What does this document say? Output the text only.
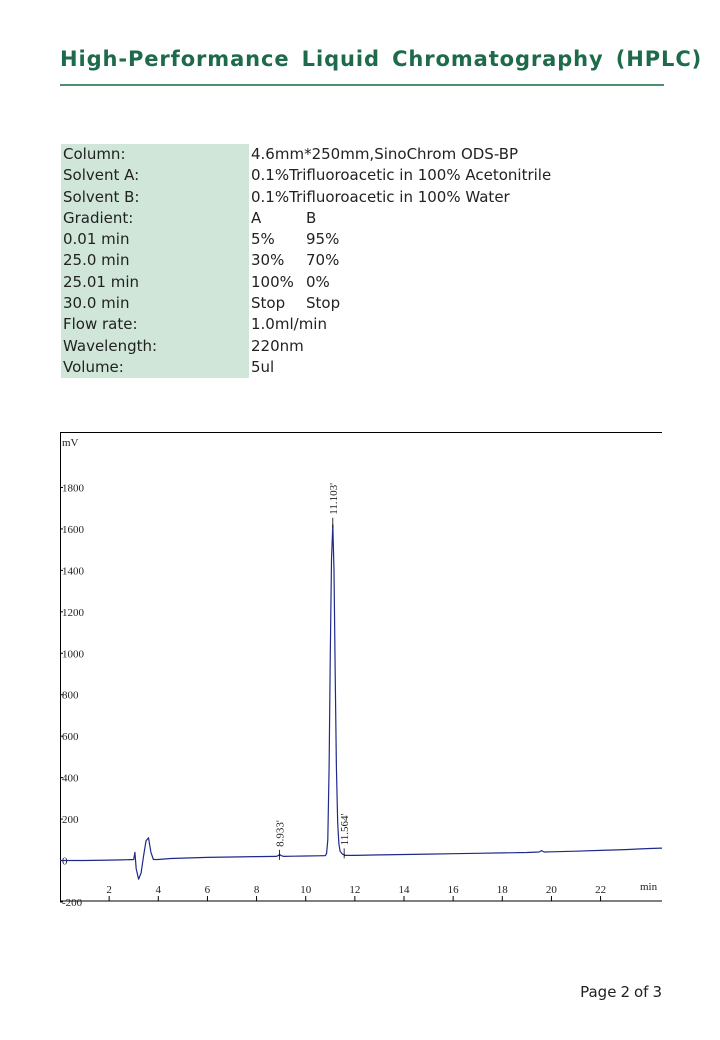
High-Performance Liquid Chromatography (HPLC)
Column:	4.6mm*250mm,SinoChrom ODS-BP	
Solvent A:	0.1%Trifluoroacetic in 100% Acetonitrile	
Solvent B:	0.1%Trifluoroacetic in 100% Water	
Gradient:	A	B
0.01 min	5%	95%
25.0 min	30%	70%
25.01 min	100%	0%
30.0 min	Stop	Stop
Flow rate:	1.0ml/min	
Wavelength:	220nm	
Volume:	5ul	
mV
min
-200
0
200
400
600
800
1000
1200
1400
1600
1800
2	4	6	8	10	12	14	16	18	20	22
8.933'
11.103'
11.564'
Page 2 of 3
